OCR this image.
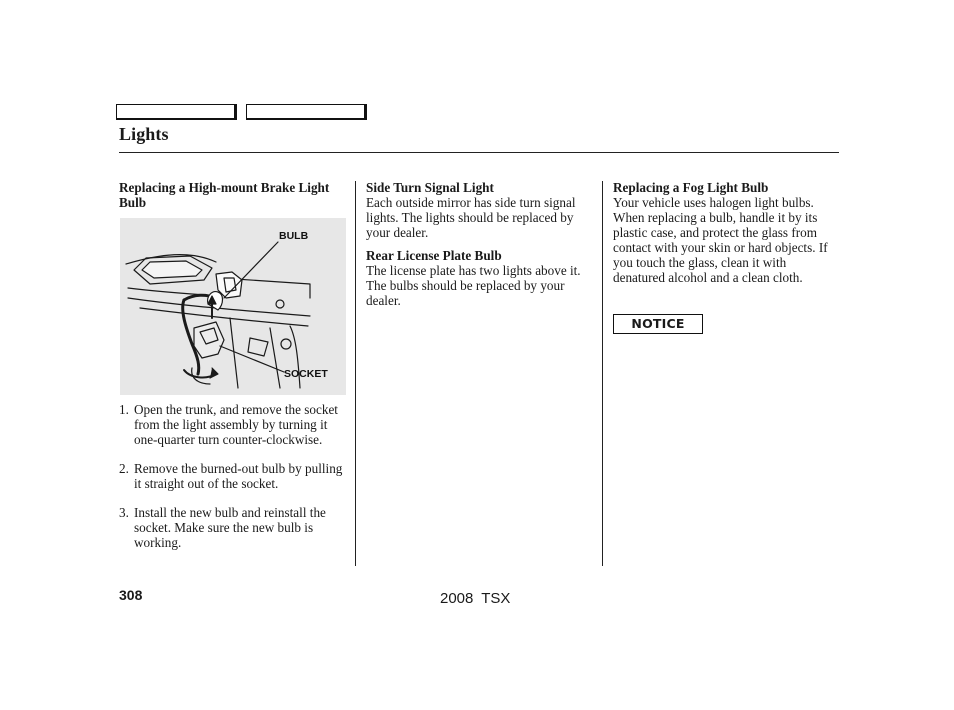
Lights
Replacing a High-mount Brake Light Bulb
BULB
SOCKET
1. Open the trunk, and remove the socket from the light assembly by turning it one-quarter turn counter-clockwise.
2. Remove the burned-out bulb by pulling it straight out of the socket.
3. Install the new bulb and reinstall the socket. Make sure the new bulb is working.
Side Turn Signal Light

Each outside mirror has side turn signal lights. The lights should be replaced by your dealer.

Rear License Plate Bulb

The license plate has two lights above it. The bulbs should be replaced by your dealer.

Replacing a Fog Light Bulb

Your vehicle uses halogen light bulbs. When replacing a bulb, handle it by its plastic case, and protect the glass from contact with your skin or hard objects. If you touch the glass, clean it with denatured alcohol and a clean cloth.

NOTICE
308	2008 TSX
